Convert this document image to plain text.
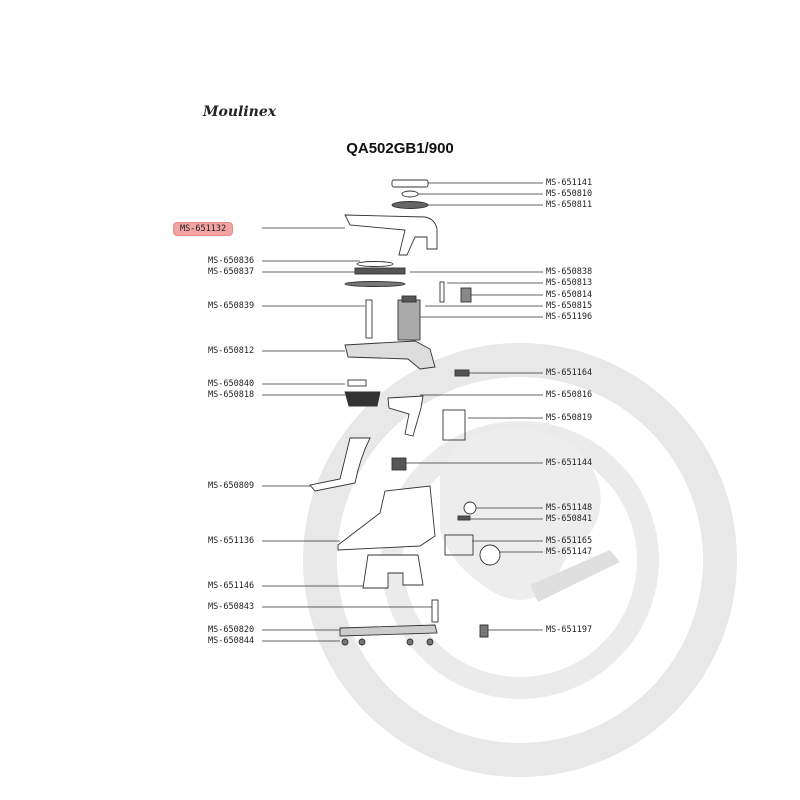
Moulinex
QA502GB1/900
MS-651132
MS-650836
MS-650837
MS-650839
MS-650812
MS-650840
MS-650818
MS-650809
MS-651136
MS-651146
MS-650843
MS-650820
MS-650844
MS-651141
MS-650810
MS-650811
MS-650838
MS-650813
MS-650814
MS-650815
MS-651196
MS-651164
MS-650816
MS-650819
MS-651144
MS-651148
MS-650841
MS-651165
MS-651147
MS-651197
